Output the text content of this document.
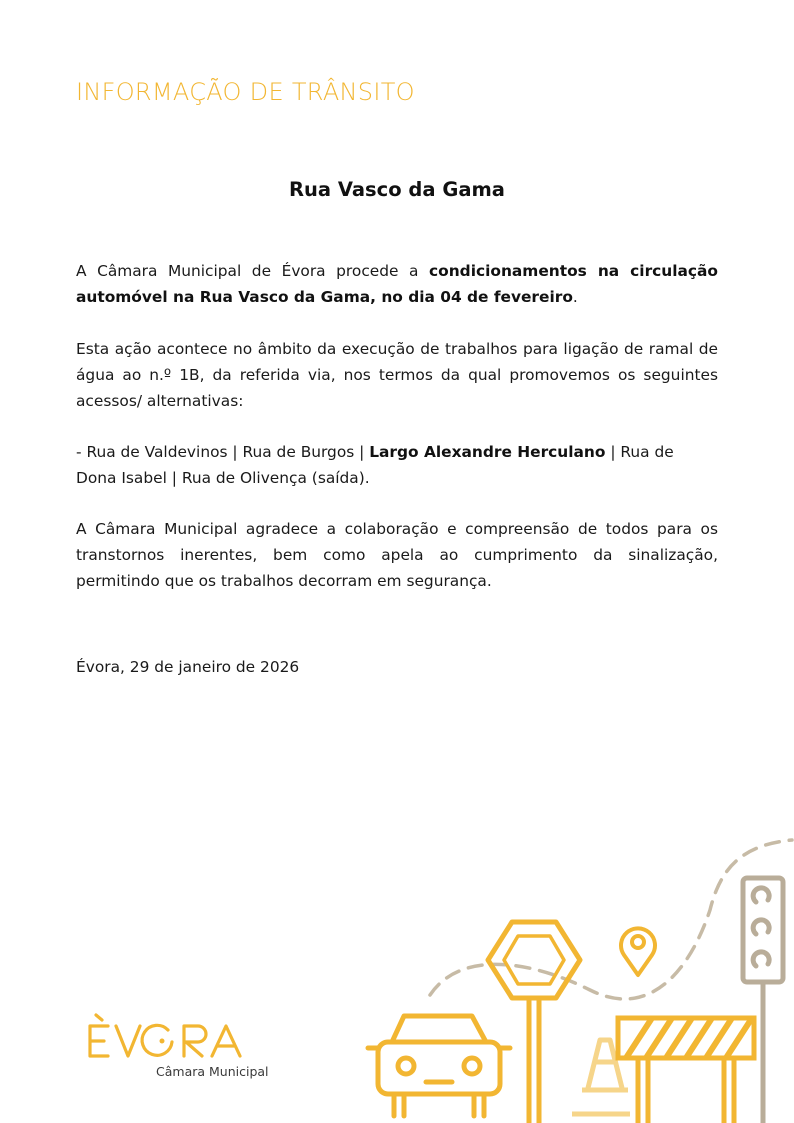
INFORMAÇÃO DE TRÂNSITO
Rua Vasco da Gama
A Câmara Municipal de Évora procede a condicionamentos na circulação automóvel na Rua Vasco da Gama, no dia 04 de fevereiro.
Esta ação acontece no âmbito da execução de trabalhos para ligação de ramal de água ao n.º 1B, da referida via, nos termos da qual promovemos os seguintes acessos/ alternativas:
- Rua de Valdevinos | Rua de Burgos | Largo Alexandre Herculano | Rua de Dona Isabel | Rua de Olivença (saída).
A Câmara Municipal agradece a colaboração e compreensão de todos para os transtornos inerentes, bem como apela ao cumprimento da sinalização, permitindo que os trabalhos decorram em segurança.
Évora, 29 de janeiro de 2026
Câmara Municipal
